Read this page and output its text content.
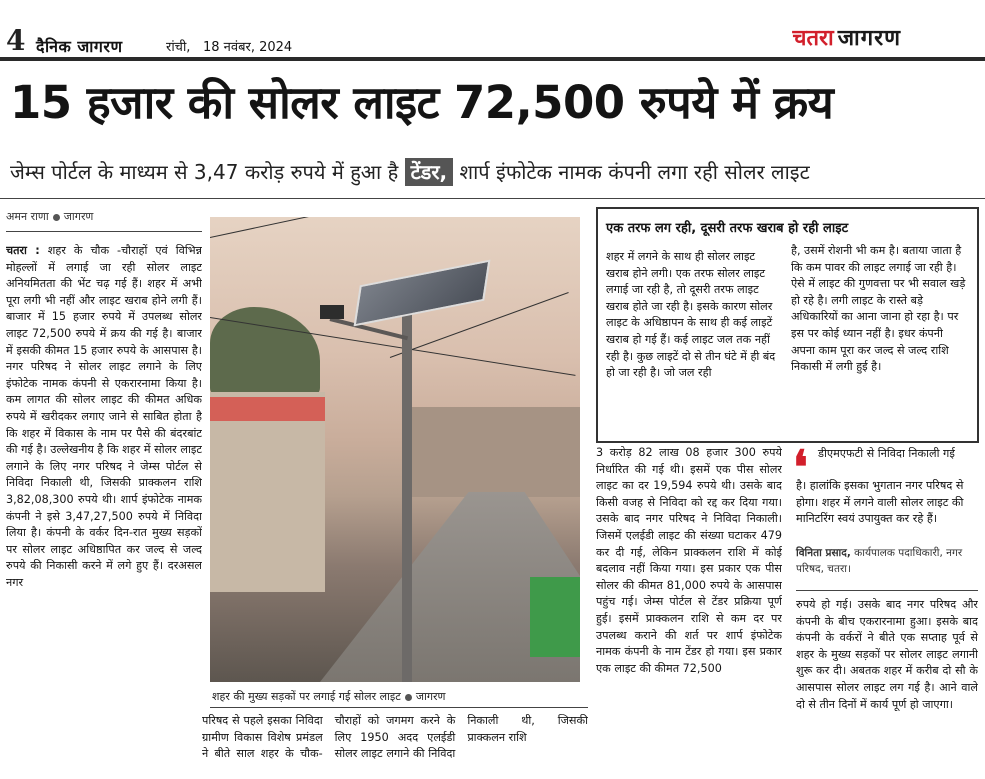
4 दैनिक जागरण	रांची, 18 नवंबर, 2024	चतरा जागरण
15 हजार की सोलर लाइट 72,500 रुपये में क्रय
जेम्स पोर्टल के माध्यम से 3,47 करोड़ रुपये में हुआ है टेंडर, शार्प इंफोटेक नामक कंपनी लगा रही सोलर लाइट
अमन राणा जागरण
चतरा : शहर के चौक -चौराहों एवं विभिन्न मोहल्लों में लगाई जा रही सोलर लाइट अनियमितता की भेंट चढ़ गई हैं। शहर में अभी पूरा लगी भी नहीं और लाइट खराब होने लगी हैं। बाजार में 15 हजार रुपये में उपलब्ध सोलर लाइट 72,500 रुपये में क्रय की गई है। बाजार में इसकी कीमत 15 हजार रुपये के आसपास है। नगर परिषद ने सोलर लाइट लगाने के लिए इंफोटेक नामक कंपनी से एकरारनामा किया है। कम लागत की सोलर लाइट की कीमत अधिक रुपये में खरीदकर लगाए जाने से साबित होता है कि शहर में विकास के नाम पर पैसे की बंदरबांट की गई है। उल्लेखनीय है कि शहर में सोलर लाइट लगाने के लिए नगर परिषद ने जेम्स पोर्टल से निविदा निकाली थी, जिसकी प्राक्कलन राशि 3,82,08,300 रुपये थी। शार्प इंफोटेक नामक कंपनी ने इसे 3,47,27,500 रुपये में निविदा लिया है। कंपनी के वर्कर दिन-रात मुख्य सड़कों पर सोलर लाइट अधिष्ठापित कर जल्द से जल्द रुपये की निकासी करने में लगे हुए हैं। दरअसल नगर
शहर की मुख्य सड़कों पर लगाई गई सोलर लाइट जागरण
परिषद से पहले इसका निविदा ग्रामीण विकास विशेष प्रमंडल ने बीते साल शहर के चौक-चौराहों को जगमग करने के लिए 1950 अदद एलईडी सोलर लाइट लगाने की निविदा निकाली थी, जिसकी प्राक्कलन राशि
एक तरफ लग रही, दूसरी तरफ खराब हो रही लाइट
शहर में लगने के साथ ही सोलर लाइट खराब होने लगी। एक तरफ सोलर लाइट लगाई जा रही है, तो दूसरी तरफ लाइट खराब होते जा रही है। इसके कारण सोलर लाइट के अधिष्ठापन के साथ ही कई लाइटें खराब हो गई हैं। कई लाइट जल तक नहीं रही है। कुछ लाइटें दो से तीन घंटे में ही बंद हो जा रही है। जो जल रही
है, उसमें रोशनी भी कम है। बताया जाता है कि कम पावर की लाइट लगाई जा रही है। ऐसे में लाइट की गुणवत्ता पर भी सवाल खड़े हो रहे है। लगी लाइट के रास्ते बड़े अधिकारियों का आना जाना हो रहा है। पर इस पर कोई ध्यान नहीं है। इधर कंपनी अपना काम पूरा कर जल्द से जल्द राशि निकासी में लगी हुई है।
3 करोड़ 82 लाख 08 हजार 300 रुपये निर्धारित की गई थी। इसमें एक पीस सोलर लाइट का दर 19,594 रुपये थी। उसके बाद किसी वजह से निविदा को रद्द कर दिया गया। उसके बाद नगर परिषद ने निविदा निकाली। जिसमें एलईडी लाइट की संख्या घटाकर 479 कर दी गई, लेकिन प्राक्कलन राशि में कोई बदलाव नहीं किया गया। इस प्रकार एक पीस सोलर की कीमत 81,000 रुपये के आसपास पहुंच गई। जेम्स पोर्टल से टेंडर प्रक्रिया पूर्ण हुई। इसमें प्राक्कलन राशि से कम दर पर उपलब्ध कराने की शर्त पर शार्प इंफोटेक नामक कंपनी के नाम टेंडर हो गया। इस प्रकार एक लाइट की कीमत 72,500
❛ डीएमएफटी से निविदा निकाली गई
है। हालांकि इसका भुगतान नगर परिषद से होगा। शहर में लगने वाली सोलर लाइट की मानिटरिंग स्वयं उपायुक्त कर रहे हैं।
विनिता प्रसाद, कार्यपालक पदाधिकारी, नगर परिषद, चतरा।
रुपये हो गई। उसके बाद नगर परिषद और कंपनी के बीच एकरारनामा हुआ। इसके बाद कंपनी के वर्करों ने बीते एक सप्ताह पूर्व से शहर के मुख्य सड़कों पर सोलर लाइट लगानी शुरू कर दी। अबतक शहर में करीब दो सौ के आसपास सोलर लाइट लग गई है। आने वाले दो से तीन दिनों में कार्य पूर्ण हो जाएगा।
